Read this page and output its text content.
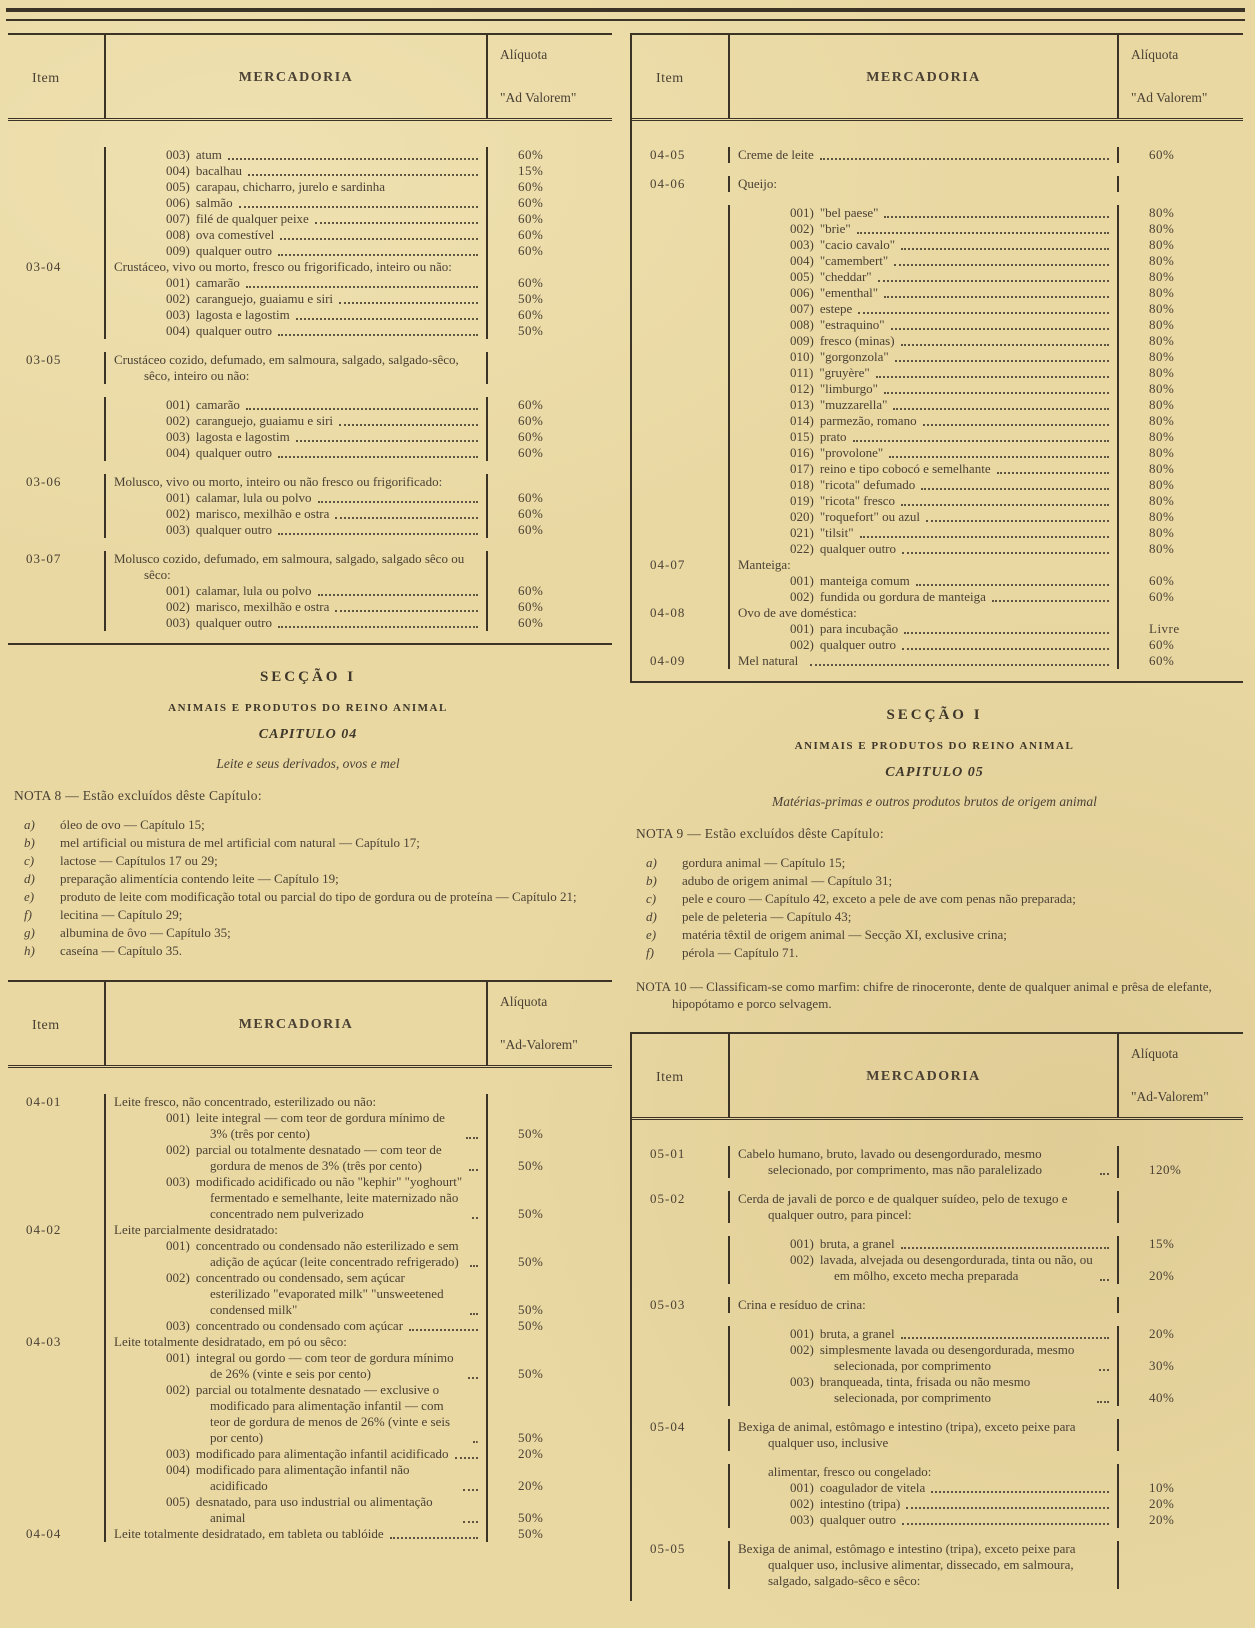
Item	MERCADORIA
Alíquota
"Ad Valorem"
003) atum	60%
004) bacalhau	15%
005) carapau, chicharro, jurelo e sardinha	60%
006) salmão	60%
007) filé de qualquer peixe	60%
008) ova comestível	60%
009) qualquer outro	60%
03-04	Crustáceo, vivo ou morto, fresco ou frigorificado, inteiro ou não:
001) camarão	60%
002) caranguejo, guaiamu e siri	50%
003) lagosta e lagostim	60%
004) qualquer outro	50%
03-05	Crustáceo cozido, defumado, em salmoura, salgado, salgado-sêco, sêco, inteiro ou não:
001) camarão	60%
002) caranguejo, guaiamu e siri	60%
003) lagosta e lagostim	60%
004) qualquer outro	60%
03-06	Molusco, vivo ou morto, inteiro ou não fresco ou frigorificado:
001) calamar, lula ou polvo	60%
002) marisco, mexilhão e ostra	60%
003) qualquer outro	60%
03-07	Molusco cozido, defumado, em salmoura, salgado, salgado sêco ou sêco:
001) calamar, lula ou polvo	60%
002) marisco, mexilhão e ostra	60%
003) qualquer outro	60%
SECÇÃO I
ANIMAIS E PRODUTOS DO REINO ANIMAL
CAPITULO 04
Leite e seus derivados, ovos e mel
NOTA 8 — Estão excluídos dêste Capítulo:
a)	óleo de ovo — Capítulo 15;
b)	mel artificial ou mistura de mel artificial com natural — Capítulo 17;
c)	lactose — Capítulos 17 ou 29;
d)	preparação alimentícia contendo leite — Capítulo 19;
e)	produto de leite com modificação total ou parcial do tipo de gordura ou de proteína — Capítulo 21;
f)	lecitina — Capítulo 29;
g)	albumina de ôvo — Capítulo 35;
h)	caseína — Capítulo 35.
Item	MERCADORIA
Alíquota
"Ad-Valorem"
04-01	Leite fresco, não concentrado, esterilizado ou não:
001) leite integral — com teor de gordura mínimo de 3% (três por cento)	50%
002) parcial ou totalmente desnatado — com teor de gordura de menos de 3% (três por cento)	50%
003) modificado acidificado ou não "kephir" "yoghourt" fermentado e semelhante, leite maternizado não concentrado nem pulverizado	50%
04-02	Leite parcialmente desidratado:
001) concentrado ou condensado não esterilizado e sem adição de açúcar (leite concentrado refrigerado)	50%
002) concentrado ou condensado, sem açúcar esterilizado "evaporated milk" "unsweetened condensed milk"	50%
003) concentrado ou condensado com açúcar	50%
04-03	Leite totalmente desidratado, em pó ou sêco:
001) integral ou gordo — com teor de gordura mínimo de 26% (vinte e seis por cento)	50%
002) parcial ou totalmente desnatado — exclusive o modificado para alimentação infantil — com teor de gordura de menos de 26% (vinte e seis por cento)	50%
003) modificado para alimentação infantil acidificado	20%
004) modificado para alimentação infantil não acidificado	20%
005) desnatado, para uso industrial ou alimentação animal	50%
04-04	Leite totalmente desidratado, em tableta ou tablóide	50%
Item	MERCADORIA
Alíquota
"Ad Valorem"
04-05	Creme de leite	60%
04-06	Queijo:
001) "bel paese"	80%
002) "brie"	80%
003) "cacio cavalo"	80%
004) "camembert"	80%
005) "cheddar"	80%
006) "ementhal"	80%
007) estepe	80%
008) "estraquino"	80%
009) fresco (minas)	80%
010) "gorgonzola"	80%
011) "gruyère"	80%
012) "limburgo"	80%
013) "muzzarella"	80%
014) parmezão, romano	80%
015) prato	80%
016) "provolone"	80%
017) reino e tipo cobocó e semelhante	80%
018) "ricota" defumado	80%
019) "ricota" fresco	80%
020) "roquefort" ou azul	80%
021) "tilsit"	80%
022) qualquer outro	80%
04-07	Manteiga:
001) manteiga comum	60%
002) fundida ou gordura de manteiga	60%
04-08	Ovo de ave doméstica:
001) para incubação	Livre
002) qualquer outro	60%
04-09	Mel natural	60%
SECÇÃO I
ANIMAIS E PRODUTOS DO REINO ANIMAL
CAPITULO 05
Matérias-primas e outros produtos brutos de origem animal
NOTA 9 — Estão excluídos dêste Capítulo:
a)	gordura animal — Capítulo 15;
b)	adubo de origem animal — Capítulo 31;
c)	pele e couro — Capítulo 42, exceto a pele de ave com penas não preparada;
d)	pele de peleteria — Capítulo 43;
e)	matéria têxtil de origem animal — Secção XI, exclusive crina;
f)	pérola — Capítulo 71.
NOTA 10 — Classificam-se como marfim: chifre de rinoceronte, dente de qualquer animal e prêsa de elefante, hipopótamo e porco selvagem.
Item	MERCADORIA
Alíquota
"Ad-Valorem"
05-01	Cabelo humano, bruto, lavado ou desengordurado, mesmo selecionado, por comprimento, mas não paralelizado	120%
05-02	Cerda de javali de porco e de qualquer suídeo, pelo de texugo e qualquer outro, para pincel:
001) bruta, a granel	15%
002) lavada, alvejada ou desengordurada, tinta ou não, ou em môlho, exceto mecha preparada	20%
05-03	Crina e resíduo de crina:
001) bruta, a granel	20%
002) simplesmente lavada ou desengordurada, mesmo selecionada, por comprimento	30%
003) branqueada, tinta, frisada ou não mesmo selecionada, por comprimento	40%
05-04	Bexiga de animal, estômago e intestino (tripa), exceto peixe para qualquer uso, inclusive
alimentar, fresco ou congelado:
001) coagulador de vitela	10%
002) intestino (tripa)	20%
003) qualquer outro	20%
05-05	Bexiga de animal, estômago e intestino (tripa), exceto peixe para qualquer uso, inclusive alimentar, dissecado, em salmoura, salgado, salgado-sêco e sêco:
